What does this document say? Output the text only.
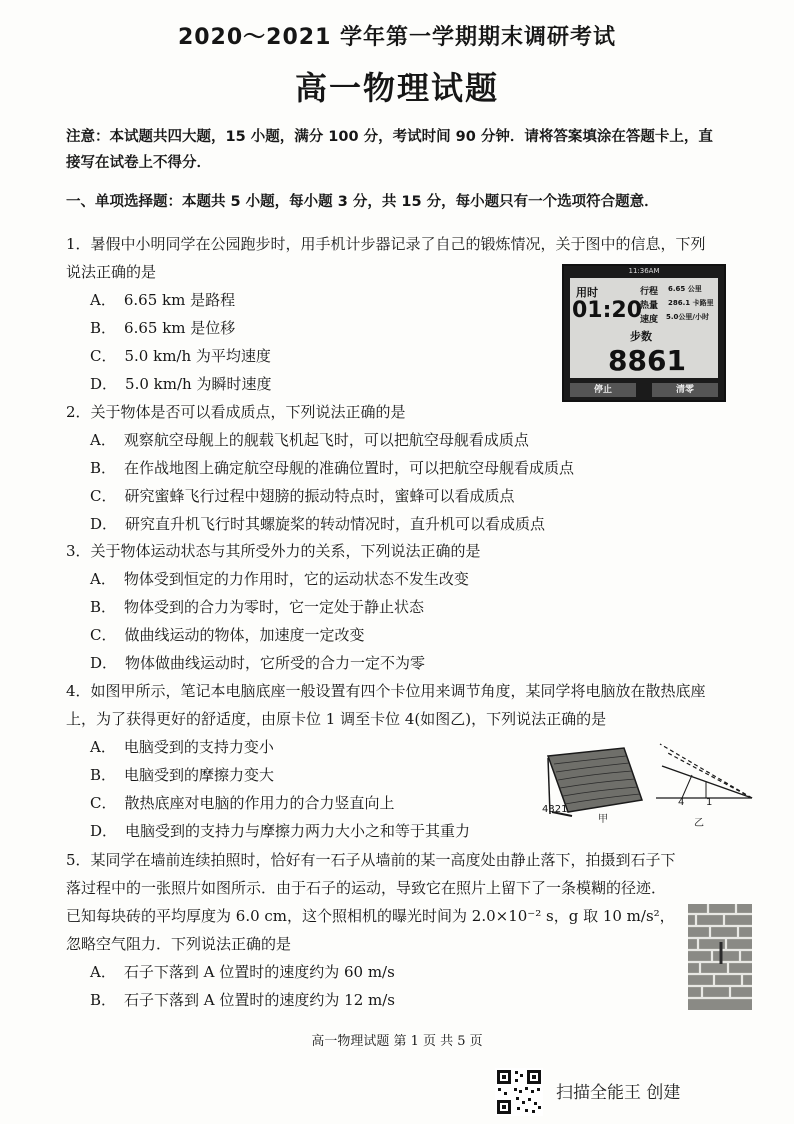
2020～2021 学年第一学期期末调研考试
高一物理试题
注意：本试题共四大题，15 小题，满分 100 分，考试时间 90 分钟．请将答案填涂在答题卡上，直接写在试卷上不得分．
一、单项选择题：本题共 5 小题，每小题 3 分，共 15 分，每小题只有一个选项符合题意．
1．暑假中小明同学在公园跑步时，用手机计步器记录了自己的锻炼情况，关于图中的信息，下列说法正确的是
A． 6.65 km 是路程
B． 6.65 km 是位移
C． 5.0 km/h 为平均速度
D． 5.0 km/h 为瞬时速度
11:36AM
用时
01:20
行程 6.65 公里
热量 286.1 卡路里
速度 5.0公里/小时
步数
8861
停止	清零
2．关于物体是否可以看成质点，下列说法正确的是
A． 观察航空母舰上的舰载飞机起飞时，可以把航空母舰看成质点
B． 在作战地图上确定航空母舰的准确位置时，可以把航空母舰看成质点
C． 研究蜜蜂飞行过程中翅膀的振动特点时，蜜蜂可以看成质点
D． 研究直升机飞行时其螺旋桨的转动情况时，直升机可以看成质点
3．关于物体运动状态与其所受外力的关系，下列说法正确的是
A． 物体受到恒定的力作用时，它的运动状态不发生改变
B． 物体受到的合力为零时，它一定处于静止状态
C． 做曲线运动的物体，加速度一定改变
D． 物体做曲线运动时，它所受的合力一定不为零
4．如图甲所示，笔记本电脑底座一般设置有四个卡位用来调节角度，某同学将电脑放在散热底座上，为了获得更好的舒适度，由原卡位 1 调至卡位 4(如图乙)，下列说法正确的是
A． 电脑受到的支持力变小
B． 电脑受到的摩擦力变大
C． 散热底座对电脑的作用力的合力竖直向上
D． 电脑受到的支持力与摩擦力两力大小之和等于其重力
4321
甲
4 1
乙
5．某同学在墙前连续拍照时，恰好有一石子从墙前的某一高度处由静止落下，拍摄到石子下落过程中的一张照片如图所示．由于石子的运动，导致它在照片上留下了一条模糊的径迹．已知每块砖的平均厚度为 6.0 cm，这个照相机的曝光时间为 2.0×10⁻² s，g 取 10 m/s²，忽略空气阻力．下列说法正确的是
A． 石子下落到 A 位置时的速度约为 60 m/s
B． 石子下落到 A 位置时的速度约为 12 m/s
高一物理试题 第 1 页 共 5 页
扫描全能王 创建
